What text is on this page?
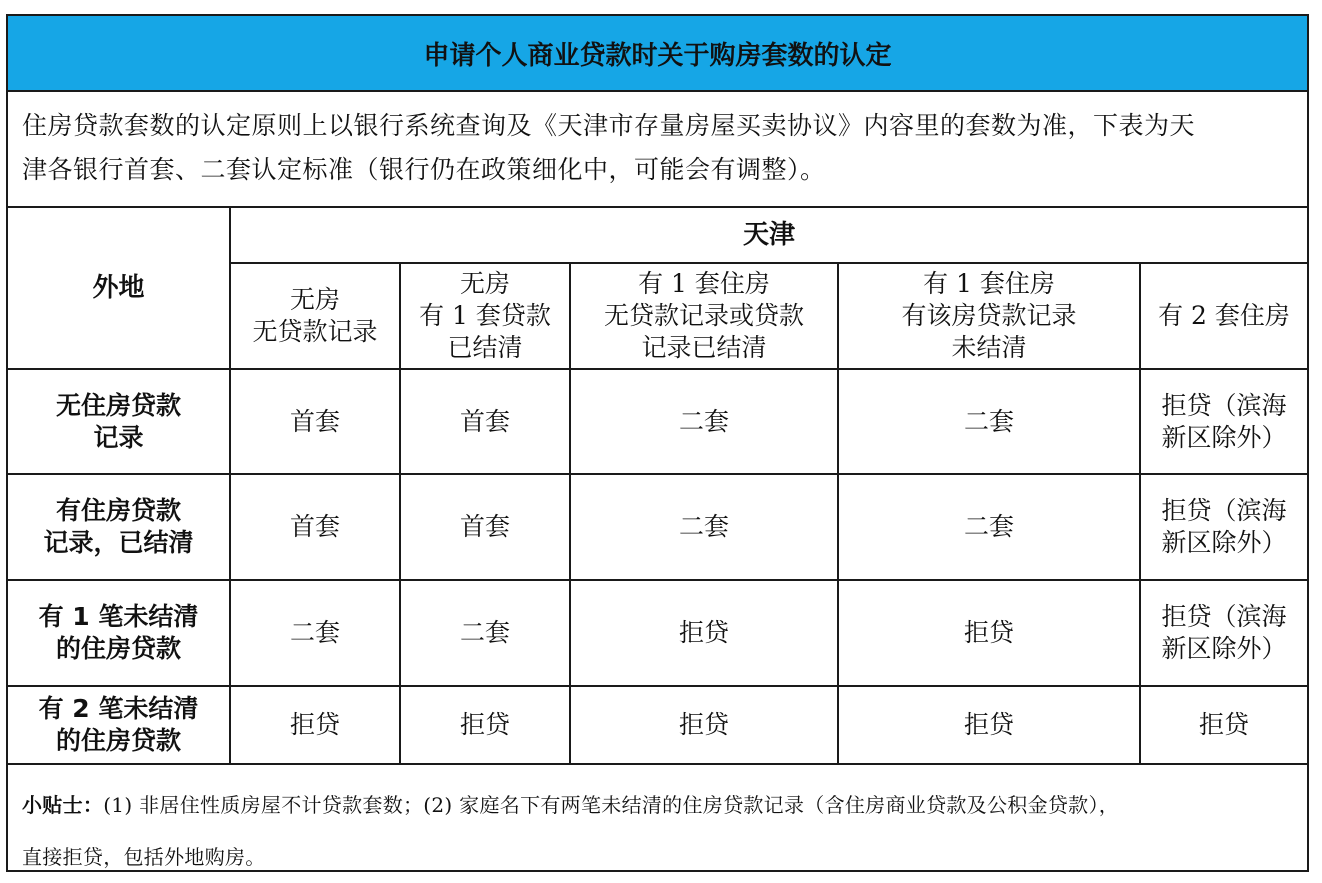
申请个人商业贷款时关于购房套数的认定
住房贷款套数的认定原则上以银行系统查询及《天津市存量房屋买卖协议》内容里的套数为准，下表为天
津各银行首套、二套认定标准（银行仍在政策细化中，可能会有调整）。
外地	天津				

	无房
无贷款记录	无房
有 1 套贷款
已结清	有 1 套住房
无贷款记录或贷款
记录已结清	有 1 套住房
有该房贷款记录
未结清	有 2 套住房

无住房贷款
记录	首套	首套	二套	二套	拒贷（滨海
新区除外）

有住房贷款
记录，已结清	首套	首套	二套	二套	拒贷（滨海
新区除外）

有 1 笔未结清
的住房贷款	二套	二套	拒贷	拒贷	拒贷（滨海
新区除外）

有 2 笔未结清
的住房贷款	拒贷	拒贷	拒贷	拒贷	拒贷
小贴士：(1) 非居住性质房屋不计贷款套数；(2) 家庭名下有两笔未结清的住房贷款记录（含住房商业贷款及公积金贷款），
直接拒贷，包括外地购房。
